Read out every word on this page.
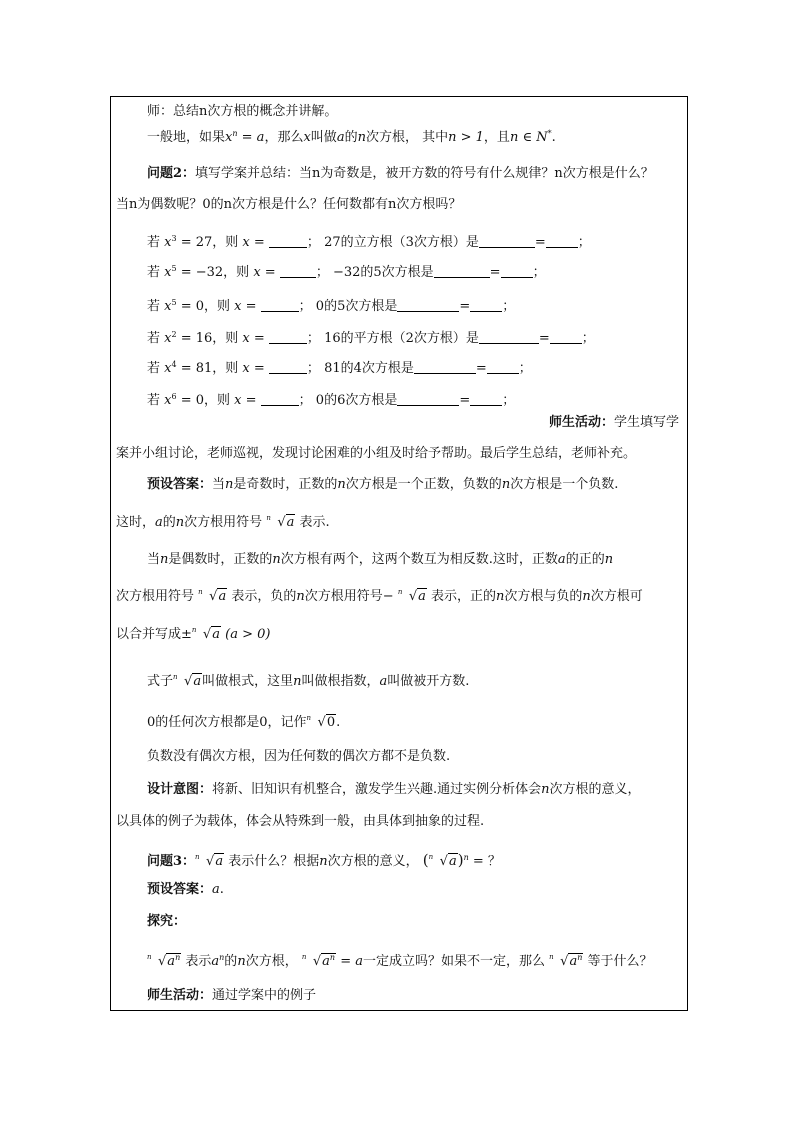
师：总结n次方根的概念并讲解。
一般地，如果$x^n = a$，那么x叫做a的n次方根， 其中n > 1，且n ∈ N*.
问题2：填写学案并总结：当n为奇数是，被开方数的符号有什么规律？n次方根是什么？
当n为偶数呢？0的n次方根是什么？任何数都有n次方根吗？
若 $x^3 = 27$，则 x =	； 27的立方根（3次方根）是	= ；
若 $x^5 = -32$，则 x =	； −32的5次方根是	= ；
若 $x^5 = 0$，则 x =	； 0的5次方根是	= ；
若 $x^2 = 16$，则 x =	； 16的平方根（2次方根）是	= ；
若 $x^4 = 81$，则 x =	； 81的4次方根是	= ；
若 $x^6 = 0$，则 x =	； 0的6次方根是	= ；
师生活动：学生填写学
案并小组讨论，老师巡视，发现讨论困难的小组及时给予帮助。最后学生总结，老师补充。
预设答案：当n是奇数时，正数的n次方根是一个正数，负数的n次方根是一个负数.
这时，a的n次方根用符号 n √a 表示.
当n是偶数时，正数的n次方根有两个，这两个数互为相反数.这时，正数a的正的n
次方根用符号 n √a 表示，负的n次方根用符号− n √a 表示，正的n次方根与负的n次方根可
以合并写成± n √a (a > 0)
式子 n √a叫做根式，这里n叫做根指数，a叫做被开方数.
0的任何次方根都是0，记作 n √0.
负数没有偶次方根，因为任何数的偶次方都不是负数.
设计意图：将新、旧知识有机整合，激发学生兴趣.通过实例分析体会n次方根的意义，
以具体的例子为载体，体会从特殊到一般，由具体到抽象的过程.
问题3： n √a 表示什么？根据n次方根的意义， ( n √a)$^n$ = ？
预设答案：a.
探究：
n $√a^n$ 表示$a^n$的n次方根， n $√a^n = a$一定成立吗？如果不一定，那么 n $√a^n$ 等于什么？
师生活动：通过学案中的例子
